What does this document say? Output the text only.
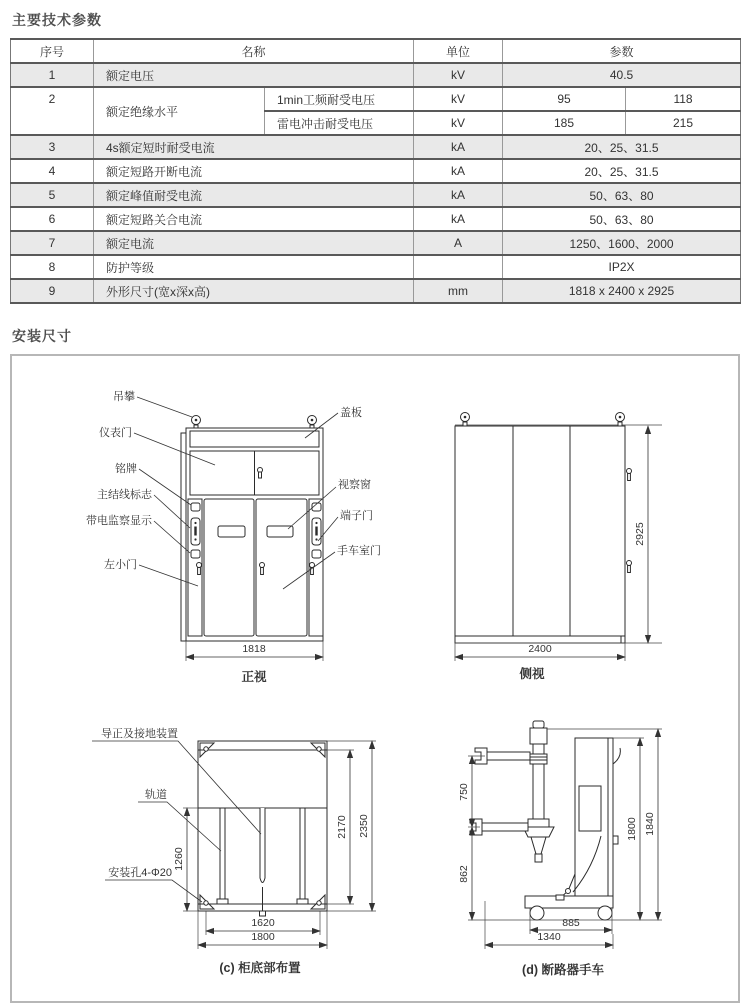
主要技术参数
序号	名称		单位	参数	
1	额定电压		kV	40.5	
2	额定绝缘水平	1min工频耐受电压	kV	95	118
		雷电冲击耐受电压	kV	185	215
3	4s额定短时耐受电流		kA	20、25、31.5	
4	额定短路开断电流		kA	20、25、31.5	
5	额定峰值耐受电流		kA	50、63、80	
6	额定短路关合电流		kA	50、63、80	
7	额定电流		A	1250、1600、2000	
8	防护等级			IP2X	
9	外形尺寸(宽x深x高)		mm	1818 x 2400 x 2925	
安装尺寸
吊攀
仪表门
铭牌
主结线标志
带电监察显示
左小门
盖板
视察窗
端子门
手车室门
1818
正视
2925
2400
侧视
导正及接地装置
轨道
安装孔4-Φ20
1260
2170 2350
1620
1800
(c) 柜底部布置
750
862
1800 1840
885
1340
(d) 断路器手车
